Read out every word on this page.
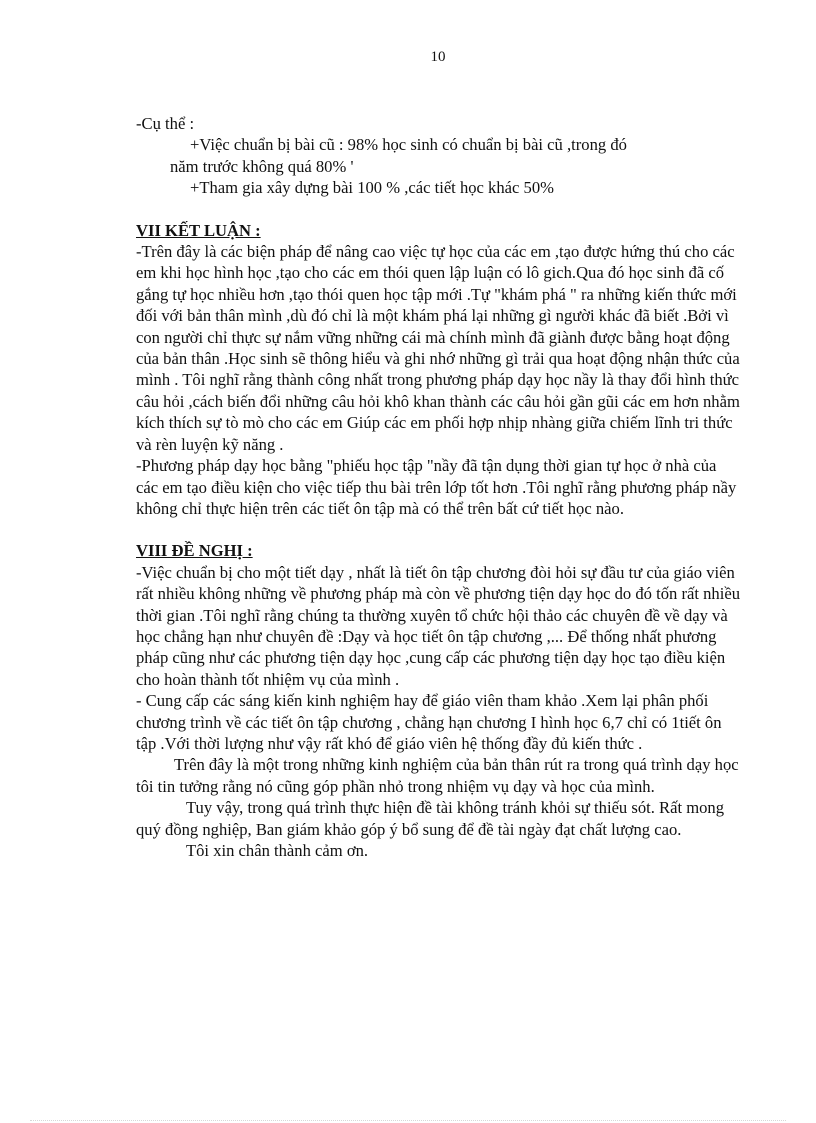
10

-Cụ thể :

+Việc chuẩn bị bài cũ : 98% học sinh có chuẩn bị bài cũ ,trong đó

năm trước không quá 80% '

+Tham gia xây dựng bài 100 % ,các tiết học khác 50%

VII KẾT LUẬN :

-Trên đây là các biện pháp để nâng cao việc tự học của các em ,tạo được hứng thú cho các em khi học hình học ,tạo cho các em thói quen lập luận có lô gich.Qua đó học sinh đã cố gắng tự học nhiều hơn ,tạo thói quen học tập mới .Tự "khám phá " ra những kiến thức mới đối với bản thân mình ,dù đó chỉ là một khám phá lại những gì người khác đã biết .Bởi vì con người chỉ thực sự nắm vững những cái mà chính mình đã giành được bằng hoạt động của bản thân .Học sinh sẽ thông hiểu và ghi nhớ những gì trải qua hoạt động nhận thức của mình . Tôi nghĩ rằng thành công nhất trong phương pháp dạy học nầy là thay đổi hình thức câu hỏi ,cách biến đổi những câu hỏi khô khan thành các câu hỏi gần gũi các em hơn nhằm kích thích sự tò mò cho các em Giúp các em phối hợp nhịp nhàng giữa chiếm lĩnh tri thức và rèn luyện kỹ năng .

-Phương pháp dạy học bằng "phiếu học tập "nầy đã tận dụng thời gian tự học ở nhà của các em tạo điều kiện cho việc tiếp thu bài trên lớp tốt hơn .Tôi nghĩ rằng phương pháp nầy không chỉ thực hiện trên các tiết ôn tập mà có thể trên bất cứ tiết học nào.

VIII ĐỀ NGHỊ :

-Việc chuẩn bị cho một tiết dạy , nhất là tiết ôn tập chương đòi hỏi sự đầu tư của giáo viên rất nhiều không những về phương pháp mà còn về phương tiện dạy học do đó tốn rất nhiều thời gian .Tôi nghĩ rằng chúng ta thường xuyên tổ chức hội thảo các chuyên đề về dạy và học chẳng hạn như chuyên đề :Dạy và học tiết ôn tập chương ,... Để thống nhất phương pháp cũng như các phương tiện dạy học ,cung cấp các phương tiện dạy học tạo điều kiện cho hoàn thành tốt nhiệm vụ của mình .

- Cung cấp các sáng kiến kinh nghiệm hay để giáo viên tham khảo .Xem lại phân phối chương trình về các tiết ôn tập chương , chẳng hạn chương I hình học 6,7 chỉ có 1tiết ôn tập .Với thời lượng như vậy rất khó để giáo viên hệ thống đầy đủ kiến thức .

Trên đây là một trong những kinh nghiệm của bản thân rút ra trong quá trình dạy học tôi tin tưởng rằng nó cũng góp phần nhỏ trong nhiệm vụ dạy và học của mình.

Tuy vậy, trong quá trình thực hiện đề tài không tránh khỏi sự thiếu sót. Rất mong quý đồng nghiệp, Ban giám khảo góp ý bổ sung để đề tài ngày đạt chất lượng cao.

Tôi xin chân thành cảm ơn.
